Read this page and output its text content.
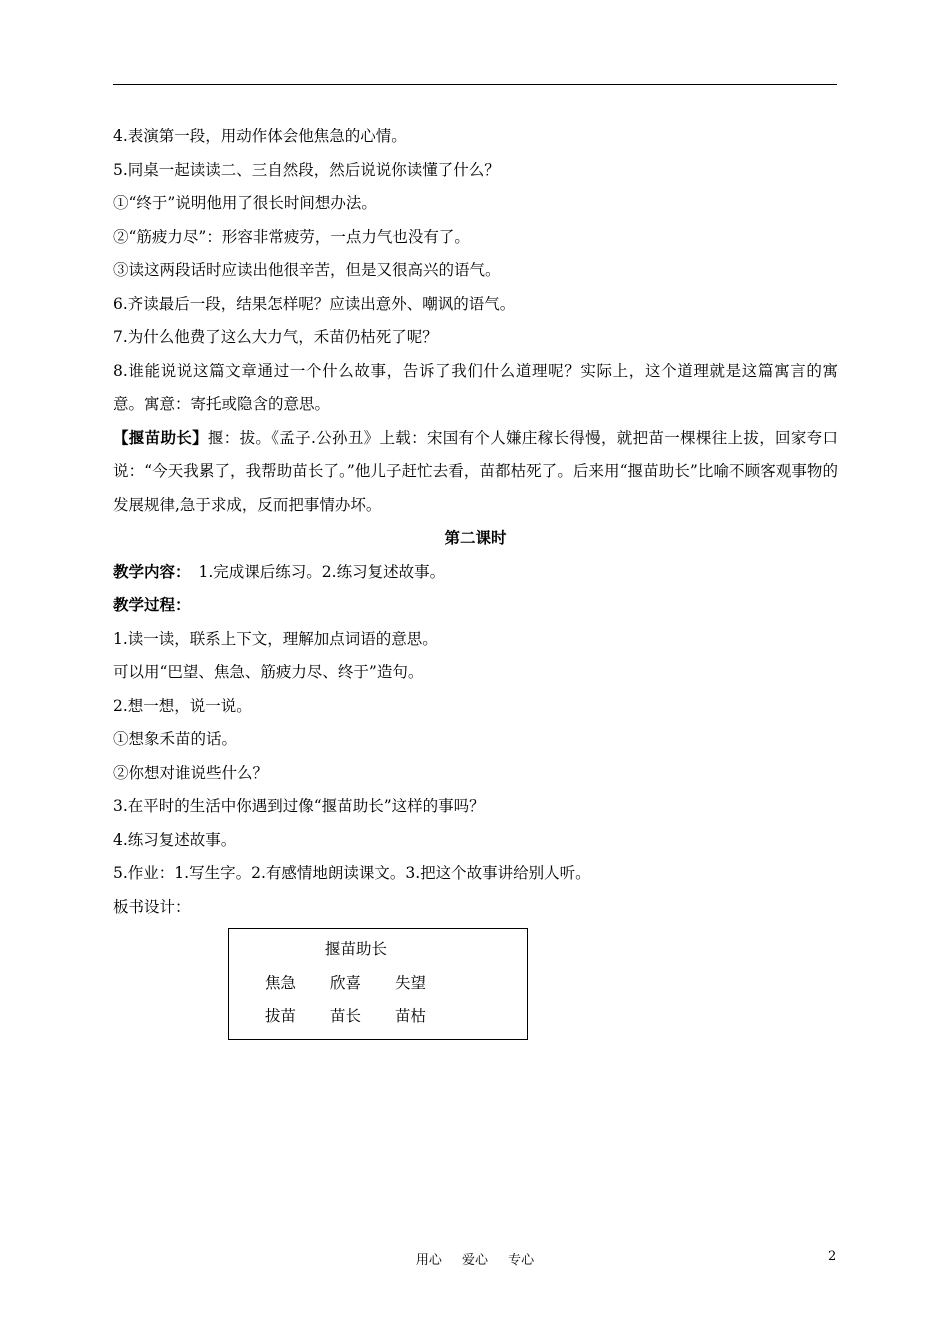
4.表演第一段，用动作体会他焦急的心情。
5.同桌一起读读二、三自然段，然后说说你读懂了什么？
①“终于”说明他用了很长时间想办法。
②“筋疲力尽”：形容非常疲劳，一点力气也没有了。
③读这两段话时应读出他很辛苦，但是又很高兴的语气。
6.齐读最后一段，结果怎样呢？应读出意外、嘲讽的语气。
7.为什么他费了这么大力气，禾苗仍枯死了呢？
8.谁能说说这篇文章通过一个什么故事，告诉了我们什么道理呢？实际上，这个道理就是这篇寓言的寓意。寓意：寄托或隐含的意思。
【揠苗助长】揠：拔。《孟子.公孙丑》上载：宋国有个人嫌庄稼长得慢，就把苗一棵棵往上拔，回家夸口说：“今天我累了，我帮助苗长了。”他儿子赶忙去看，苗都枯死了。后来用“揠苗助长”比喻不顾客观事物的发展规律,急于求成，反而把事情办坏。
第二课时
教学内容： 1.完成课后练习。2.练习复述故事。
教学过程：
1.读一读，联系上下文，理解加点词语的意思。
可以用“巴望、焦急、筋疲力尽、终于”造句。
2.想一想，说一说。
①想象禾苗的话。
②你想对谁说些什么？
3.在平时的生活中你遇到过像“揠苗助长”这样的事吗？
4.练习复述故事。
5.作业：1.写生字。2.有感情地朗读课文。3.把这个故事讲给别人听。
板书设计：
揠苗助长
焦急 欣喜 失望
拔苗 苗长 苗枯
用心 爱心 专心	2
